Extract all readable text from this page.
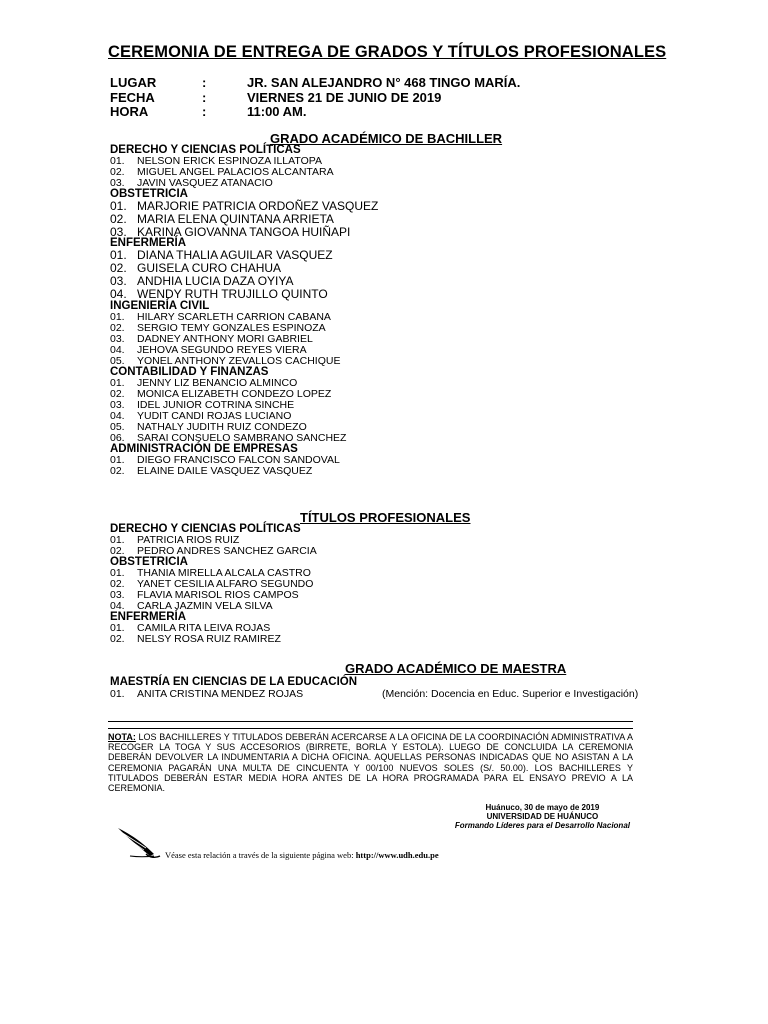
CEREMONIA DE ENTREGA DE GRADOS Y TÍTULOS PROFESIONALES
LUGAR	:	JR. SAN ALEJANDRO N° 468 TINGO MARÍA.
FECHA	:	VIERNES 21 DE JUNIO DE 2019
HORA	:	11:00 AM.
GRADO ACADÉMICO DE BACHILLER
DERECHO Y CIENCIAS POLÍTICAS
01. NELSON ERICK ESPINOZA ILLATOPA
02. MIGUEL ANGEL PALACIOS ALCANTARA
03. JAVIN VASQUEZ ATANACIO
OBSTETRICIA
01. MARJORIE PATRICIA ORDOÑEZ VASQUEZ
02. MARIA ELENA QUINTANA ARRIETA
03. KARINA GIOVANNA TANGOA HUIÑAPI
ENFERMERÍA
01. DIANA THALIA AGUILAR VASQUEZ
02. GUISELA CURO CHAHUA
03. ANDHIA LUCIA DAZA OYIYA
04. WENDY RUTH TRUJILLO QUINTO
INGENIERÍA CIVIL
01. HILARY SCARLETH CARRION CABANA
02. SERGIO TEMY GONZALES ESPINOZA
03. DADNEY ANTHONY MORI GABRIEL
04. JEHOVA SEGUNDO REYES VIERA
05. YONEL ANTHONY ZEVALLOS CACHIQUE
CONTABILIDAD Y FINANZAS
01. JENNY LIZ BENANCIO ALMINCO
02. MONICA ELIZABETH CONDEZO LOPEZ
03. IDEL JUNIOR COTRINA SINCHE
04. YUDIT CANDI ROJAS LUCIANO
05. NATHALY JUDITH RUIZ CONDEZO
06. SARAI CONSUELO SAMBRANO SANCHEZ
ADMINISTRACIÓN DE EMPRESAS
01. DIEGO FRANCISCO FALCON SANDOVAL
02. ELAINE DAILE VASQUEZ VASQUEZ
TÍTULOS PROFESIONALES
DERECHO Y CIENCIAS POLÍTICAS
01. PATRICIA RIOS RUIZ
02. PEDRO ANDRES SANCHEZ GARCIA
OBSTETRICIA
01. THANIA MIRELLA ALCALA CASTRO
02. YANET CESILIA ALFARO SEGUNDO
03. FLAVIA MARISOL RIOS CAMPOS
04. CARLA JAZMIN VELA SILVA
ENFERMERÍA
01. CAMILA RITA LEIVA ROJAS
02. NELSY ROSA RUIZ RAMIREZ
GRADO ACADÉMICO DE MAESTRA
MAESTRÍA EN CIENCIAS DE LA EDUCACIÓN
01. ANITA CRISTINA MENDEZ ROJAS	(Mención: Docencia en Educ. Superior e Investigación)
NOTA: LOS BACHILLERES Y TITULADOS DEBERÁN ACERCARSE A LA OFICINA DE LA COORDINACIÓN ADMINISTRATIVA A RECOGER LA TOGA Y SUS ACCESORIOS (BIRRETE, BORLA Y ESTOLA). LUEGO DE CONCLUIDA LA CEREMONIA DEBERÁN DEVOLVER LA INDUMENTARIA A DICHA OFICINA. AQUELLAS PERSONAS INDICADAS QUE NO ASISTAN A LA CEREMONIA PAGARÁN UNA MULTA DE CINCUENTA Y 00/100 NUEVOS SOLES (S/. 50.00). LOS BACHILLERES Y TITULADOS DEBERÁN ESTAR MEDIA HORA ANTES DE LA HORA PROGRAMADA PARA EL ENSAYO PREVIO A LA CEREMONIA.
Huánuco, 30 de mayo de 2019
UNIVERSIDAD DE HUÁNUCO
Formando Líderes para el Desarrollo Nacional
Véase esta relación a través de la siguiente página web: http://www.udh.edu.pe
